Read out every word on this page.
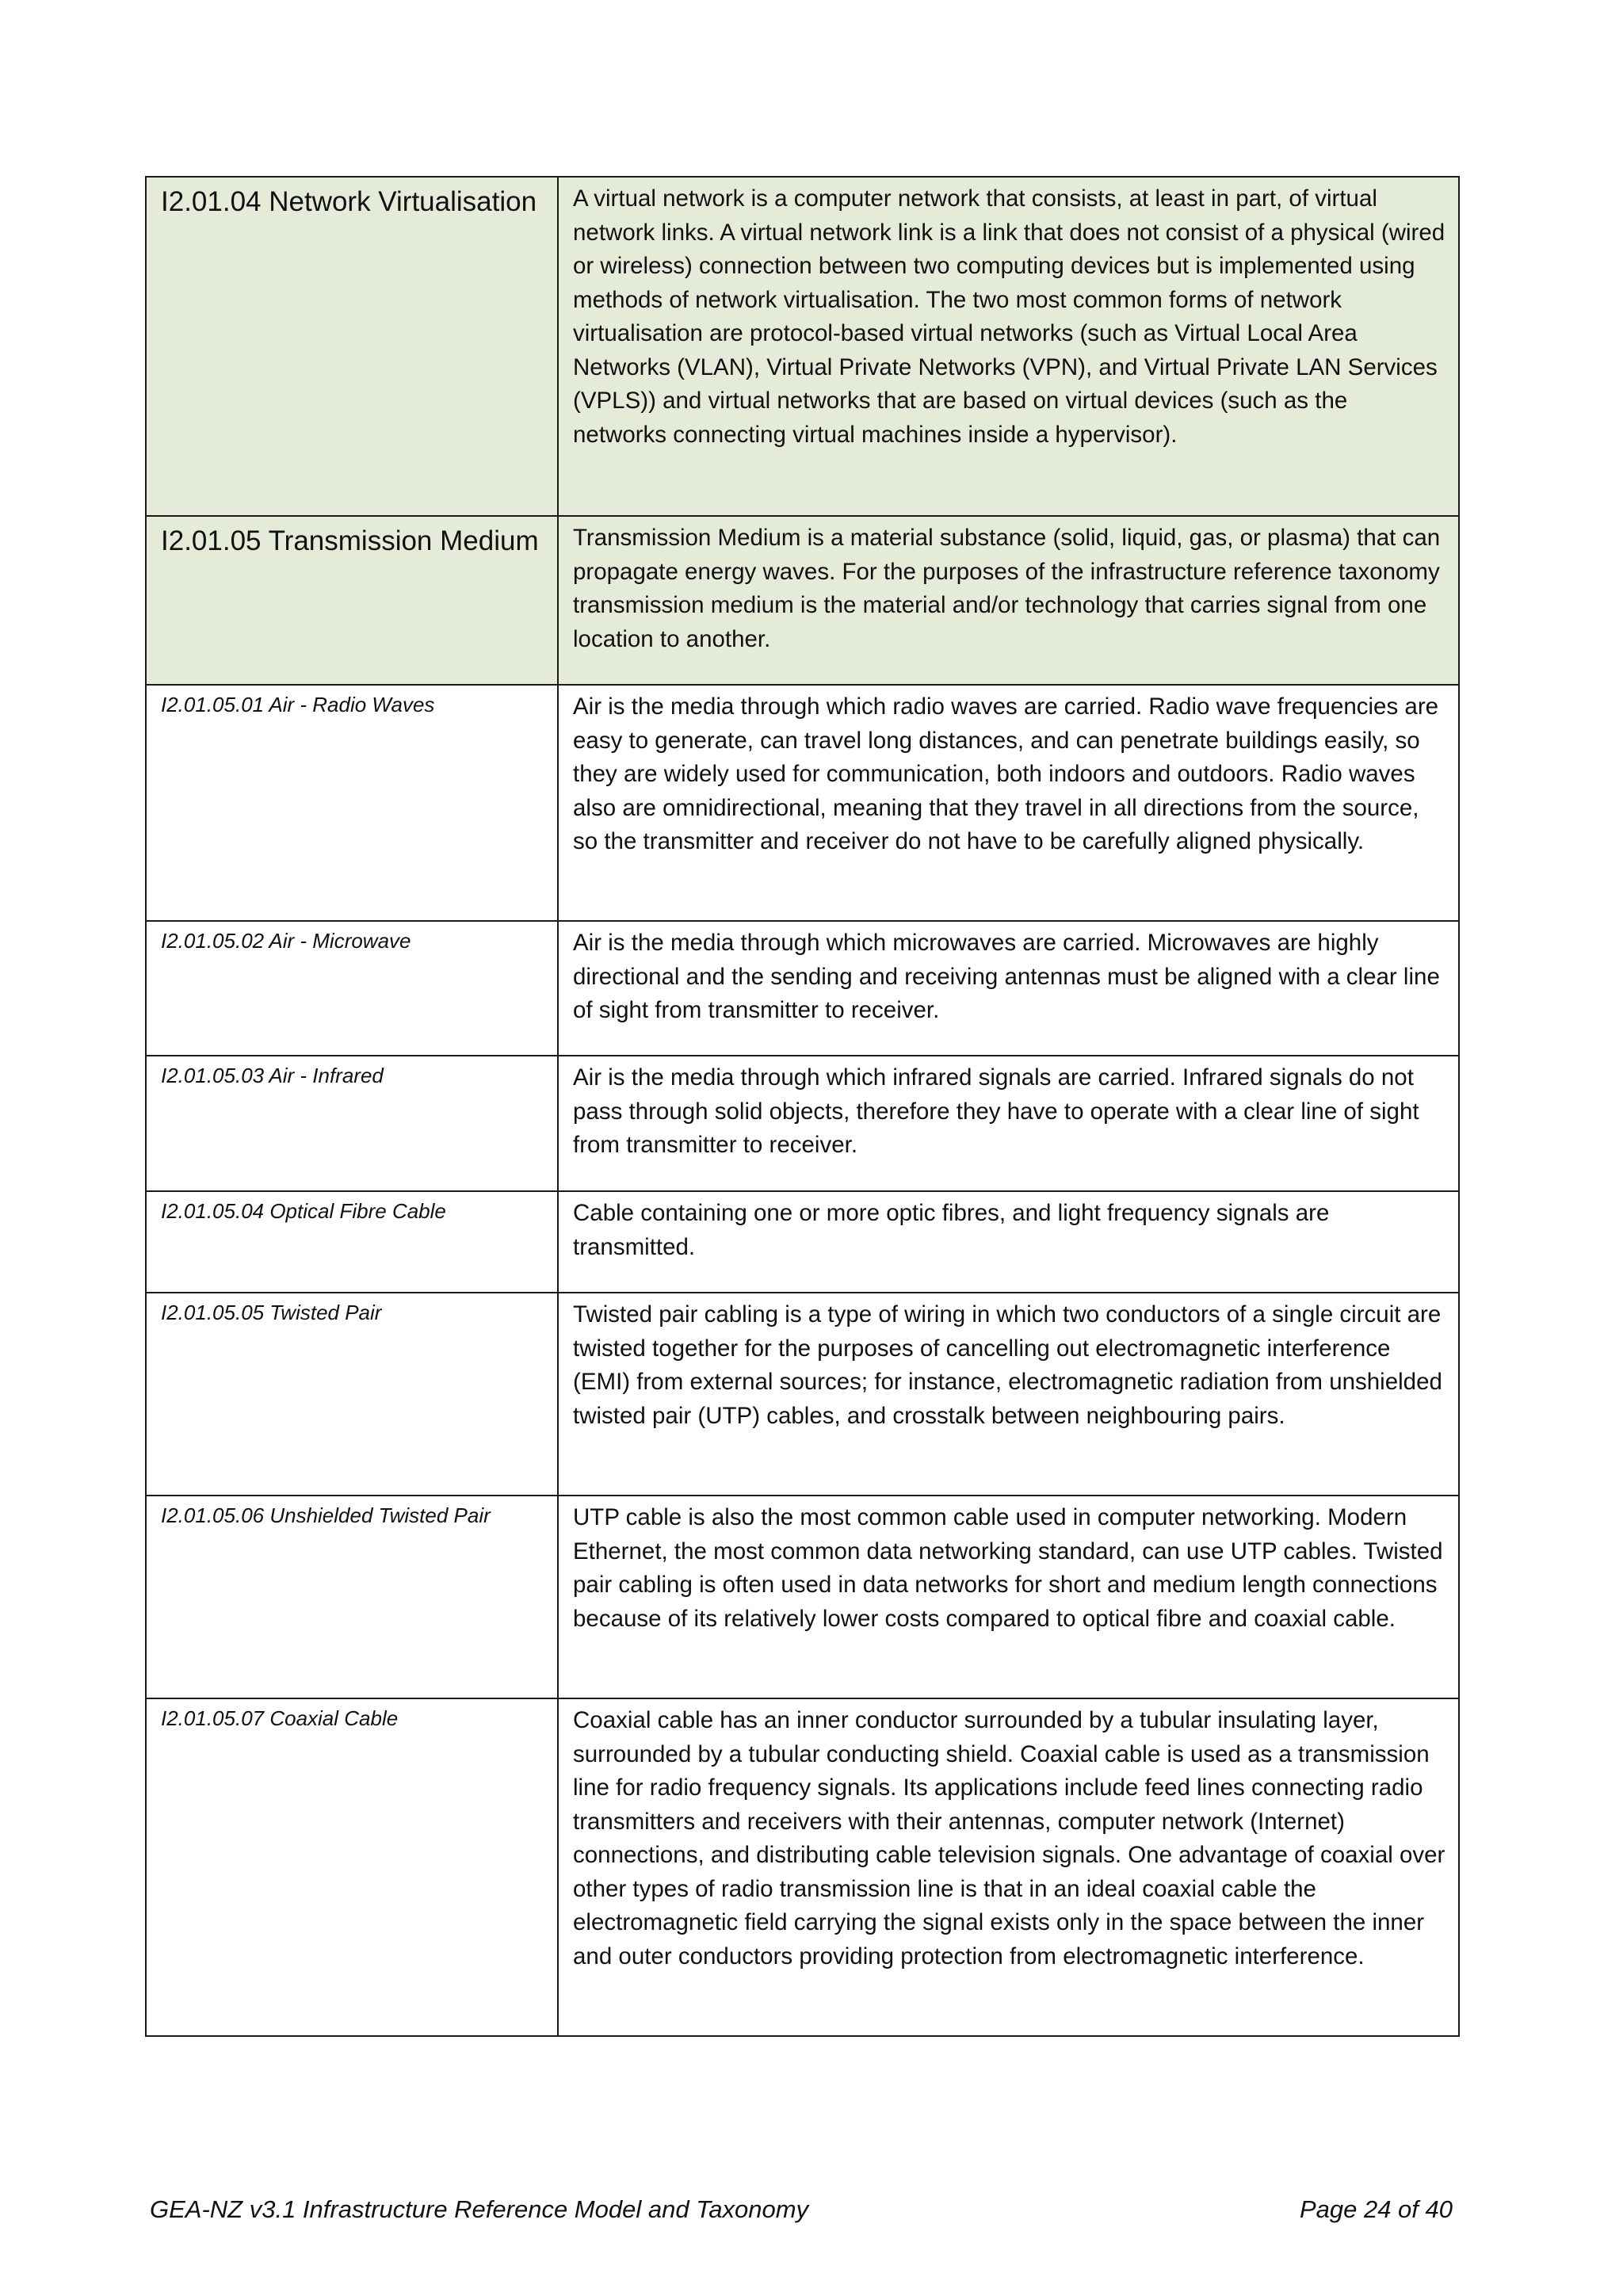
I2.01.04 Network Virtualisation	A virtual network is a computer network that consists, at least in part, of virtual network links. A virtual network link is a link that does not consist of a physical (wired or wireless) connection between two computing devices but is implemented using methods of network virtualisation. The two most common forms of network virtualisation are protocol-based virtual networks (such as Virtual Local Area Networks (VLAN), Virtual Private Networks (VPN), and Virtual Private LAN Services (VPLS)) and virtual networks that are based on virtual devices (such as the networks connecting virtual machines inside a hypervisor).
I2.01.05 Transmission Medium	Transmission Medium is a material substance (solid, liquid, gas, or plasma) that can propagate energy waves. For the purposes of the infrastructure reference taxonomy transmission medium is the material and/or technology that carries signal from one location to another.
I2.01.05.01 Air - Radio Waves	Air is the media through which radio waves are carried. Radio wave frequencies are easy to generate, can travel long distances, and can penetrate buildings easily, so they are widely used for communication, both indoors and outdoors. Radio waves also are omnidirectional, meaning that they travel in all directions from the source, so the transmitter and receiver do not have to be carefully aligned physically.
I2.01.05.02 Air - Microwave	Air is the media through which microwaves are carried. Microwaves are highly directional and the sending and receiving antennas must be aligned with a clear line of sight from transmitter to receiver.
I2.01.05.03 Air - Infrared	Air is the media through which infrared signals are carried. Infrared signals do not pass through solid objects, therefore they have to operate with a clear line of sight from transmitter to receiver.
I2.01.05.04 Optical Fibre Cable	Cable containing one or more optic fibres, and light frequency signals are transmitted.
I2.01.05.05 Twisted Pair	Twisted pair cabling is a type of wiring in which two conductors of a single circuit are twisted together for the purposes of cancelling out electromagnetic interference (EMI) from external sources; for instance, electromagnetic radiation from unshielded twisted pair (UTP) cables, and crosstalk between neighbouring pairs.
I2.01.05.06 Unshielded Twisted Pair	UTP cable is also the most common cable used in computer networking. Modern Ethernet, the most common data networking standard, can use UTP cables. Twisted pair cabling is often used in data networks for short and medium length connections because of its relatively lower costs compared to optical fibre and coaxial cable.
I2.01.05.07 Coaxial Cable	Coaxial cable has an inner conductor surrounded by a tubular insulating layer, surrounded by a tubular conducting shield. Coaxial cable is used as a transmission line for radio frequency signals. Its applications include feed lines connecting radio transmitters and receivers with their antennas, computer network (Internet) connections, and distributing cable television signals. One advantage of coaxial over other types of radio transmission line is that in an ideal coaxial cable the electromagnetic field carrying the signal exists only in the space between the inner and outer conductors providing protection from electromagnetic interference.
GEA-NZ v3.1 Infrastructure Reference Model and Taxonomy	Page 24 of 40
